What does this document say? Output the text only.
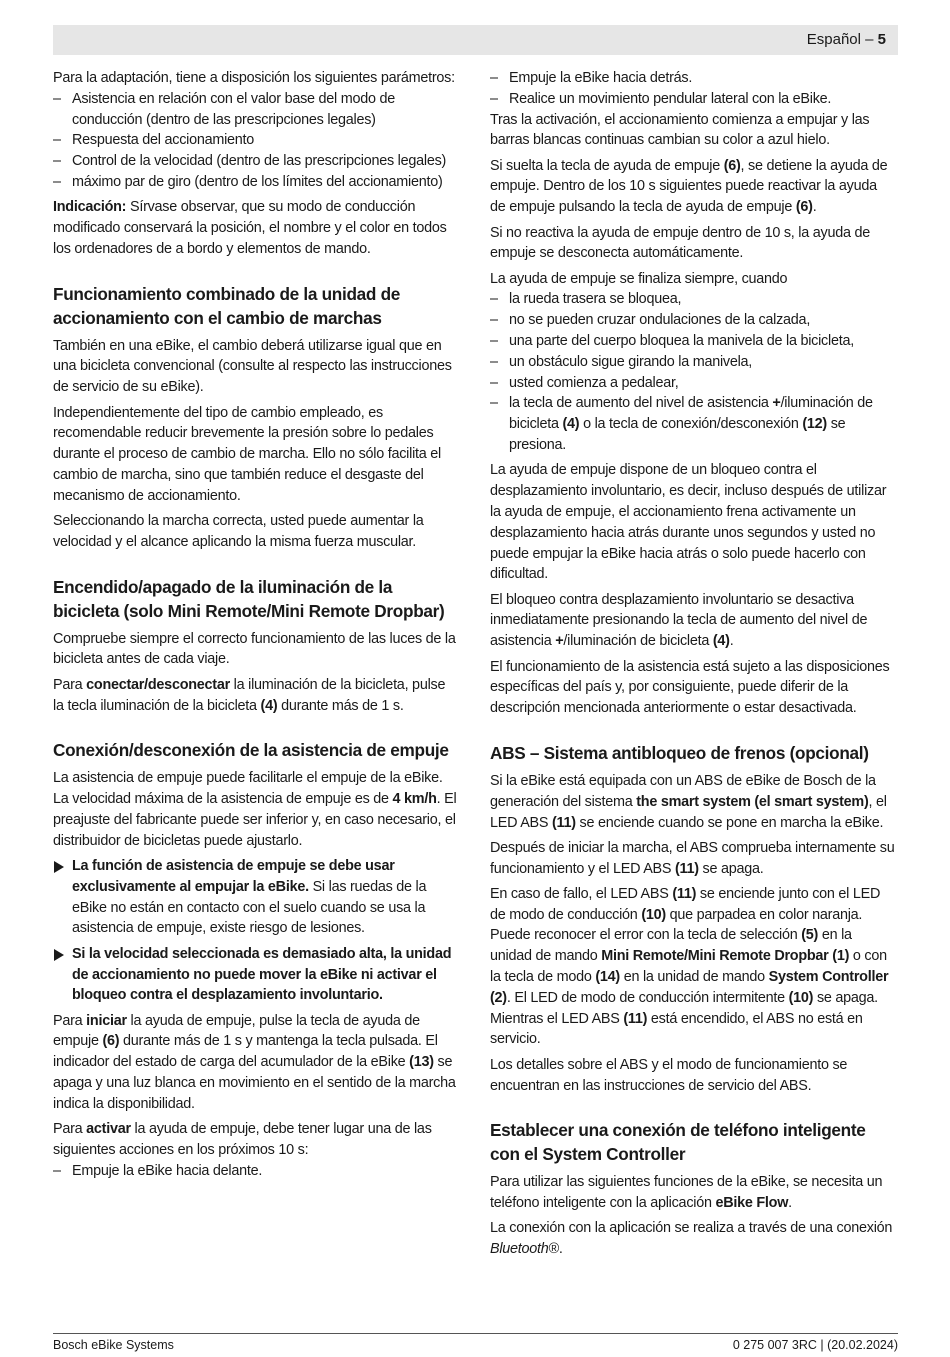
Español – 5

Para la adaptación, tiene a disposición los siguientes parámetros:

– Asistencia en relación con el valor base del modo de conducción (dentro de las prescripciones legales)
– Respuesta del accionamiento
– Control de la velocidad (dentro de las prescripciones legales)
– máximo par de giro (dentro de los límites del accionamiento)

Indicación: Sírvase observar, que su modo de conducción modificado conservará la posición, el nombre y el color en todos los ordenadores de a bordo y elementos de mando.

Funcionamiento combinado de la unidad de accionamiento con el cambio de marchas

También en una eBike, el cambio deberá utilizarse igual que en una bicicleta convencional (consulte al respecto las instrucciones de servicio de su eBike).

Independientemente del tipo de cambio empleado, es recomendable reducir brevemente la presión sobre lo pedales durante el proceso de cambio de marcha. Ello no sólo facilita el cambio de marcha, sino que también reduce el desgaste del mecanismo de accionamiento.

Seleccionando la marcha correcta, usted puede aumentar la velocidad y el alcance aplicando la misma fuerza muscular.

Encendido/apagado de la iluminación de la bicicleta (solo Mini Remote/Mini Remote Dropbar)

Compruebe siempre el correcto funcionamiento de las luces de la bicicleta antes de cada viaje.

Para conectar/desconectar la iluminación de la bicicleta, pulse la tecla iluminación de la bicicleta (4) durante más de 1 s.

Conexión/desconexión de la asistencia de empuje

La asistencia de empuje puede facilitarle el empuje de la eBike. La velocidad máxima de la asistencia de empuje es de 4 km/h. El preajuste del fabricante puede ser inferior y, en caso necesario, el distribuidor de bicicletas puede ajustarlo.

La función de asistencia de empuje se debe usar exclusivamente al empujar la eBike. Si las ruedas de la eBike no están en contacto con el suelo cuando se usa la asistencia de empuje, existe riesgo de lesiones.
Si la velocidad seleccionada es demasiado alta, la unidad de accionamiento no puede mover la eBike ni activar el bloqueo contra el desplazamiento involuntario.

Para iniciar la ayuda de empuje, pulse la tecla de ayuda de empuje (6) durante más de 1 s y mantenga la tecla pulsada. El indicador del estado de carga del acumulador de la eBike (13) se apaga y una luz blanca en movimiento en el sentido de la marcha indica la disponibilidad.

Para activar la ayuda de empuje, debe tener lugar una de las siguientes acciones en los próximos 10 s:

– Empuje la eBike hacia delante.
– Empuje la eBike hacia detrás.
– Realice un movimiento pendular lateral con la eBike.

Tras la activación, el accionamiento comienza a empujar y las barras blancas continuas cambian su color a azul hielo.

Si suelta la tecla de ayuda de empuje (6), se detiene la ayuda de empuje. Dentro de los 10 s siguientes puede reactivar la ayuda de empuje pulsando la tecla de ayuda de empuje (6).

Si no reactiva la ayuda de empuje dentro de 10 s, la ayuda de empuje se desconecta automáticamente.

La ayuda de empuje se finaliza siempre, cuando

– la rueda trasera se bloquea,
– no se pueden cruzar ondulaciones de la calzada,
– una parte del cuerpo bloquea la manivela de la bicicleta,
– un obstáculo sigue girando la manivela,
– usted comienza a pedalear,
– la tecla de aumento del nivel de asistencia +/iluminación de bicicleta (4) o la tecla de conexión/desconexión (12) se presiona.

La ayuda de empuje dispone de un bloqueo contra el desplazamiento involuntario, es decir, incluso después de utilizar la ayuda de empuje, el accionamiento frena activamente un desplazamiento hacia atrás durante unos segundos y usted no puede empujar la eBike hacia atrás o solo puede hacerlo con dificultad.

El bloqueo contra desplazamiento involuntario se desactiva inmediatamente presionando la tecla de aumento del nivel de asistencia +/iluminación de bicicleta (4).

El funcionamiento de la asistencia está sujeto a las disposiciones específicas del país y, por consiguiente, puede diferir de la descripción mencionada anteriormente o estar desactivada.

ABS – Sistema antibloqueo de frenos (opcional)

Si la eBike está equipada con un ABS de eBike de Bosch de la generación del sistema the smart system (el smart system), el LED ABS (11) se enciende cuando se pone en marcha la eBike.

Después de iniciar la marcha, el ABS comprueba internamente su funcionamiento y el LED ABS (11) se apaga.

En caso de fallo, el LED ABS (11) se enciende junto con el LED de modo de conducción (10) que parpadea en color naranja. Puede reconocer el error con la tecla de selección (5) en la unidad de mando Mini Remote/Mini Remote Dropbar (1) o con la tecla de modo (14) en la unidad de mando System Controller (2). El LED de modo de conducción intermitente (10) se apaga. Mientras el LED ABS (11) está encendido, el ABS no está en servicio.

Los detalles sobre el ABS y el modo de funcionamiento se encuentran en las instrucciones de servicio del ABS.

Establecer una conexión de teléfono inteligente con el System Controller

Para utilizar las siguientes funciones de la eBike, se necesita un teléfono inteligente con la aplicación eBike Flow.

La conexión con la aplicación se realiza a través de una conexión Bluetooth®.

Bosch eBike Systems	0 275 007 3RC | (20.02.2024)
